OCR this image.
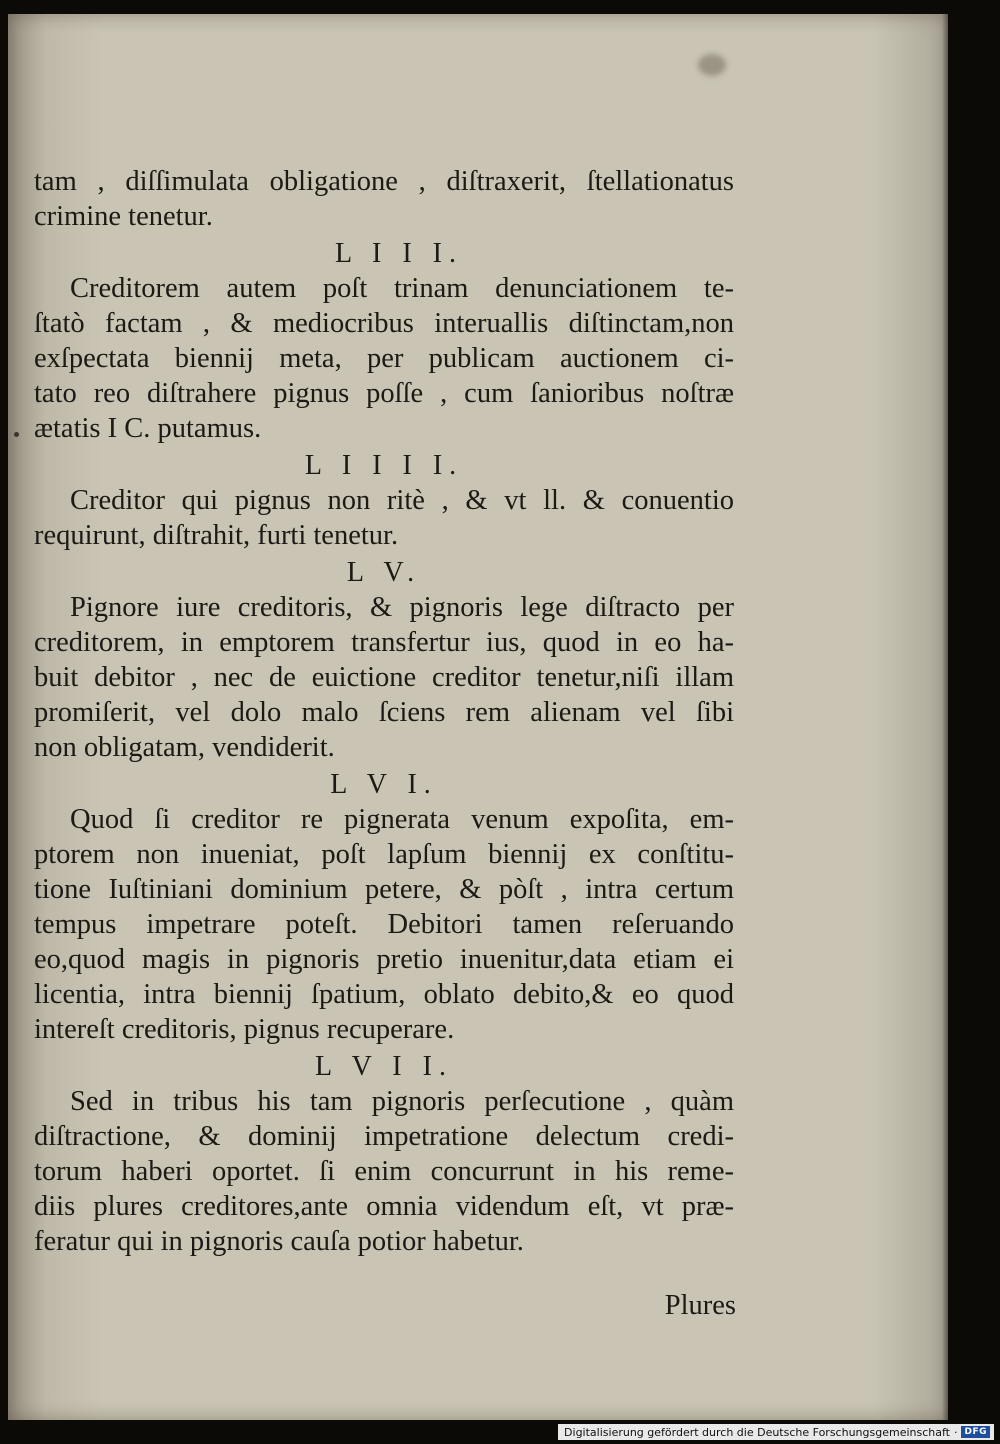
tam , diſſimulata obligatione , diſtraxerit, ſtellationatus
crimine tenetur.
L I I I.
Creditorem autem poſt trinam denunciationem te-
ſtatò factam , & mediocribus interuallis diſtinctam,non
exſpectata biennij meta, per publicam auctionem ci-
tato reo diſtrahere pignus poſſe , cum ſanioribus noſtræ
ætatis I C. putamus.
L I I I I.
Creditor qui pignus non ritè , & vt ll. & conuentio
requirunt, diſtrahit, furti tenetur.
L V.
Pignore iure creditoris, & pignoris lege diſtracto per
creditorem, in emptorem transfertur ius, quod in eo ha-
buit debitor , nec de euictione creditor tenetur,niſi illam
promiſerit, vel dolo malo ſciens rem alienam vel ſibi
non obligatam, vendiderit.
L V I.
Quod ſi creditor re pignerata venum expoſita, em-
ptorem non inueniat, poſt lapſum biennij ex conſtitu-
tione Iuſtiniani dominium petere, & pòſt , intra certum
tempus impetrare poteſt. Debitori tamen reſeruando
eo,quod magis in pignoris pretio inuenitur,data etiam ei
licentia, intra biennij ſpatium, oblato debito,& eo quod
intereſt creditoris, pignus recuperare.
L V I I.
Sed in tribus his tam pignoris perſecutione , quàm
diſtractione, & dominij impetratione delectum credi-
torum haberi oportet. ſi enim concurrunt in his reme-
diis plures creditores,ante omnia videndum eſt, vt præ-
feratur qui in pignoris cauſa potior habetur.
Plures
Digitalisierung gefördert durch die Deutsche Forschungsgemeinschaft · DFG
